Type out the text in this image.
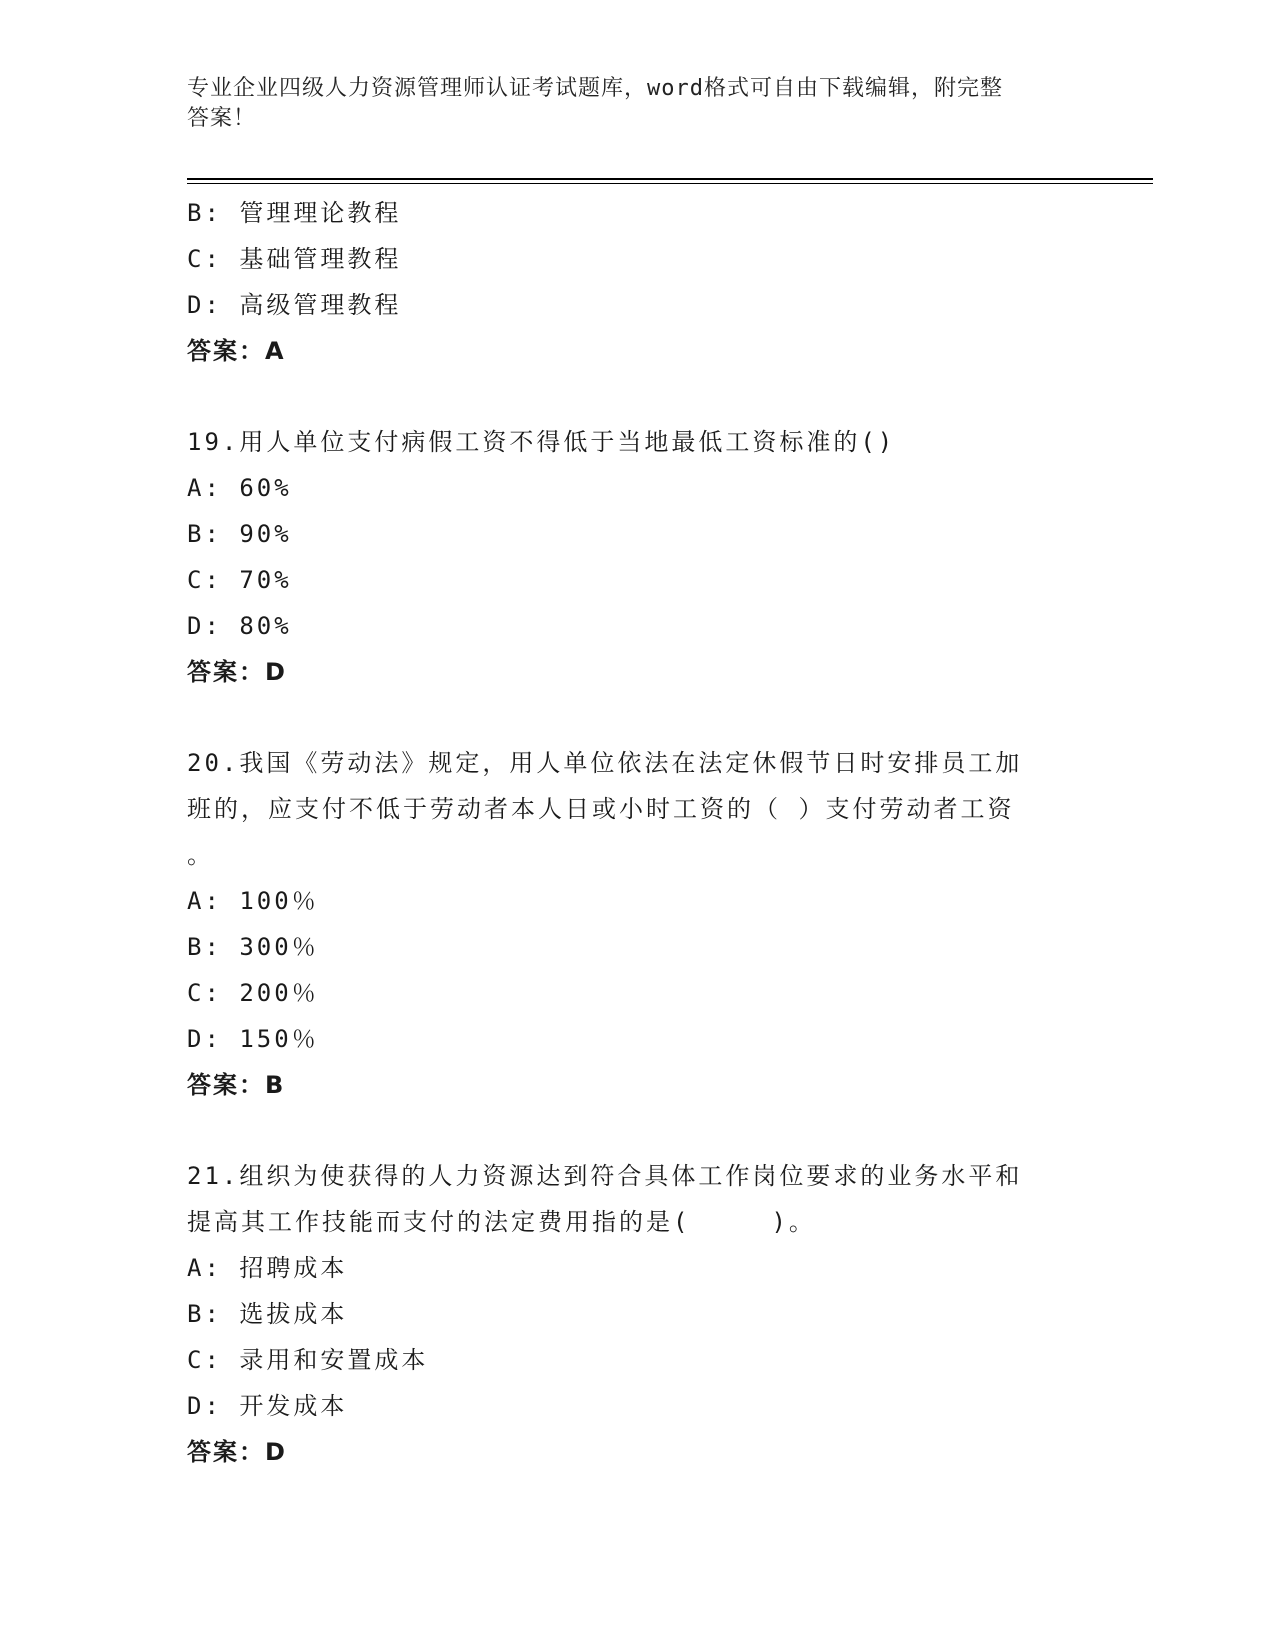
专业企业四级人力资源管理师认证考试题库，word格式可自由下载编辑，附完整
答案！
B: 管理理论教程
C: 基础管理教程
D: 高级管理教程
答案：A
19.用人单位支付病假工资不得低于当地最低工资标准的()
A: 60%
B: 90%
C: 70%
D: 80%
答案：D
20.我国《劳动法》规定，用人单位依法在法定休假节日时安排员工加
班的，应支付不低于劳动者本人日或小时工资的（ ）支付劳动者工资
。
A: 100％
B: 300％
C: 200％
D: 150％
答案：B
21.组织为使获得的人力资源达到符合具体工作岗位要求的业务水平和
提高其工作技能而支付的法定费用指的是(　　　)。
A: 招聘成本
B: 选拔成本
C: 录用和安置成本
D: 开发成本
答案：D
